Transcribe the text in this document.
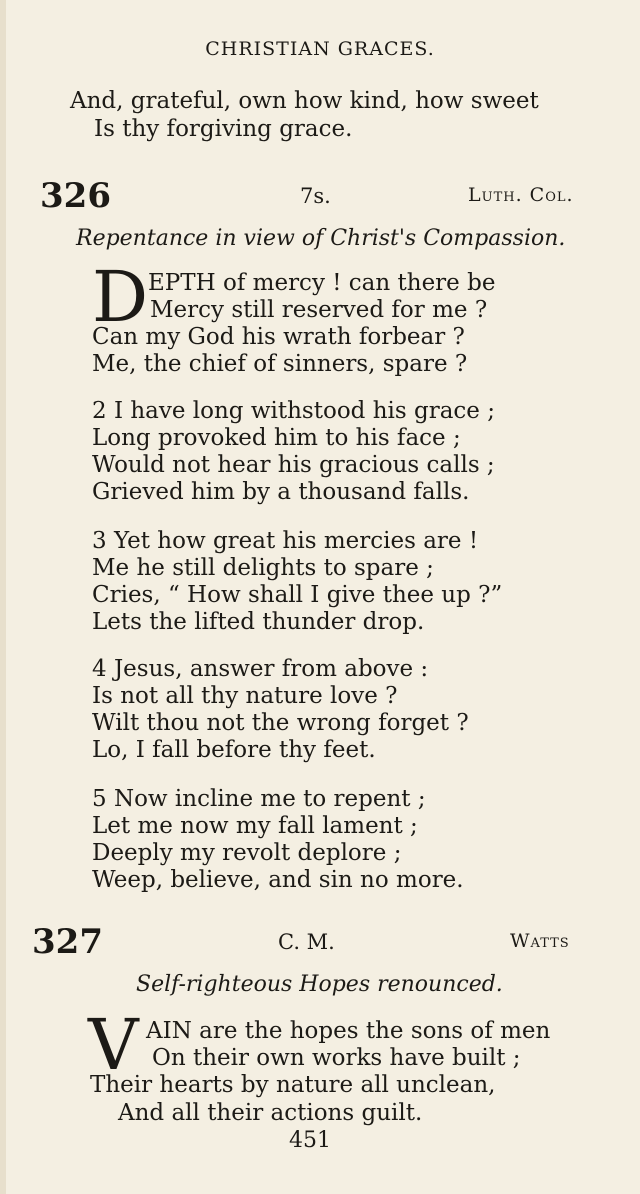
CHRISTIAN GRACES.
And, grateful, own how kind, how sweet
Is thy forgiving grace.
326	7s.	Luth. Col.
Repentance in view of Christ's Compassion.
D EPTH of mercy ! can there be
Mercy still reserved for me ?
Can my God his wrath forbear ?
Me, the chief of sinners, spare ?
2 I have long withstood his grace ;
Long provoked him to his face ;
Would not hear his gracious calls ;
Grieved him by a thousand falls.
3 Yet how great his mercies are !
Me he still delights to spare ;
Cries, “ How shall I give thee up ?”
Lets the lifted thunder drop.
4 Jesus, answer from above :
Is not all thy nature love ?
Wilt thou not the wrong forget ?
Lo, I fall before thy feet.
5 Now incline me to repent ;
Let me now my fall lament ;
Deeply my revolt deplore ;
Weep, believe, and sin no more.
327	C. M.	Watts
Self-righteous Hopes renounced.
V AIN are the hopes the sons of men
On their own works have built ;
Their hearts by nature all unclean,
And all their actions guilt.
451
